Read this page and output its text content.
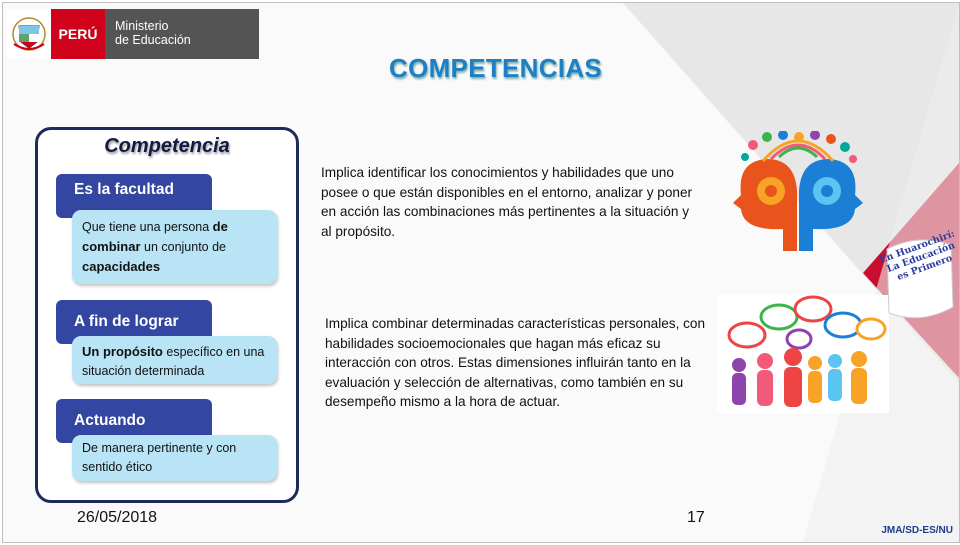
PERÚ	Ministerio
de Educación
COMPETENCIAS
Competencia
Es la facultad
Que tiene una persona de combinar un conjunto de capacidades
A fin de lograr
Un propósito específico en una situación determinada
Actuando
De manera pertinente y con sentido ético
Implica identificar los conocimientos y habilidades que uno posee o que están disponibles en el entorno, analizar y poner en acción las combinaciones más pertinentes a la situación y al propósito.
Implica combinar determinadas características personales, con habilidades socioemocionales que hagan más eficaz su interacción con otros. Estas dimensiones influirán tanto en la evaluación y selección de alternativas, como también en su desempeño mismo a la hora de actuar.
En Huarochirí: La Educación es Primero
26/05/2018	17
JMA/SD-ES/NU
